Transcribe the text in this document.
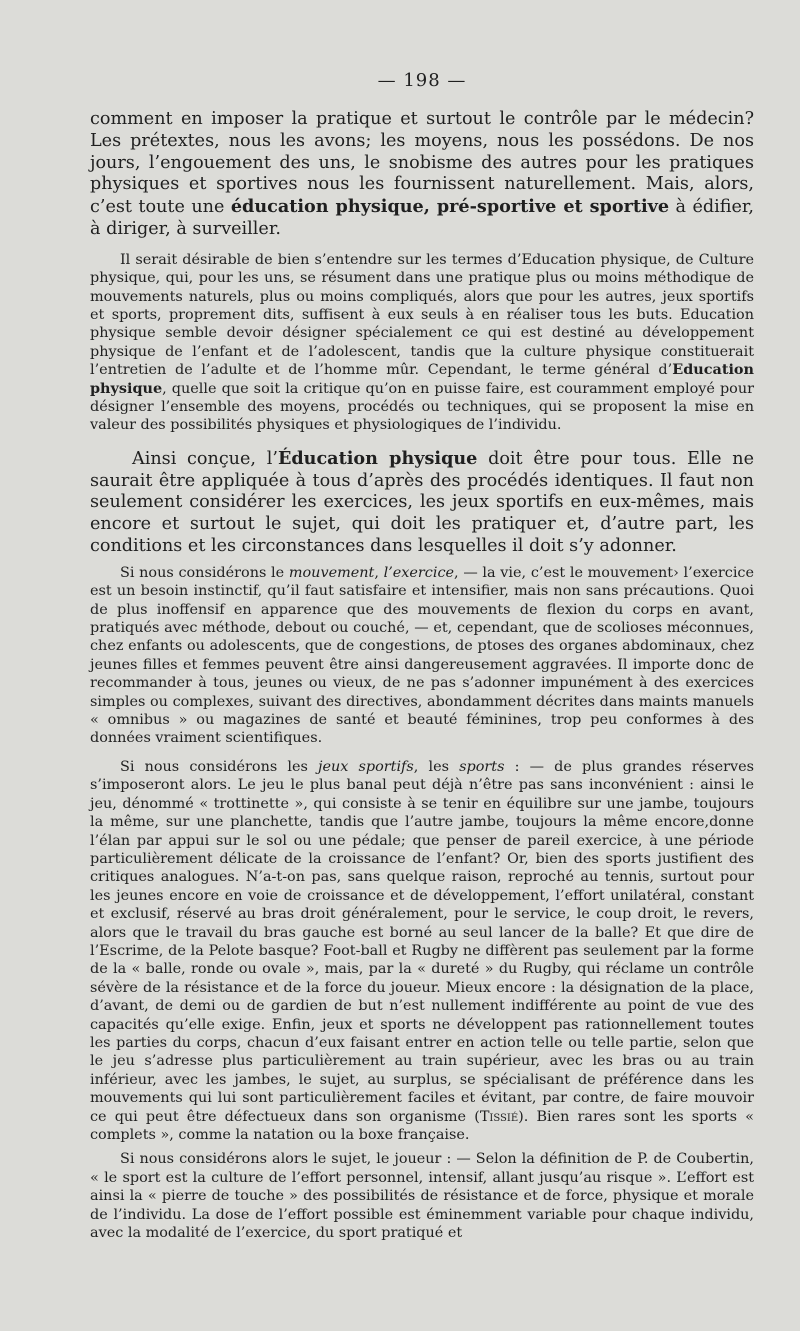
— 198 —

comment en imposer la pratique et surtout le contrôle par le médecin? Les prétextes, nous les avons; les moyens, nous les possédons. De nos jours, l’engouement des uns, le snobisme des autres pour les pratiques physiques et sportives nous les fournissent naturellement. Mais, alors, c’est toute une éducation physique, pré-sportive et sportive à édifier, à diriger, à surveiller.

Il serait désirable de bien s’entendre sur les termes d’Education physique, de Culture physique, qui, pour les uns, se résument dans une pratique plus ou moins méthodique de mouvements naturels, plus ou moins compliqués, alors que pour les autres, jeux sportifs et sports, proprement dits, suffisent à eux seuls à en réaliser tous les buts. Education physique semble devoir désigner spécialement ce qui est destiné au développement physique de l’enfant et de l’adolescent, tandis que la culture physique constituerait l’entretien de l’adulte et de l’homme mûr. Cependant, le terme général d’Education physique, quelle que soit la critique qu’on en puisse faire, est couramment employé pour désigner l’ensemble des moyens, procédés ou techniques, qui se proposent la mise en valeur des possibilités physiques et physiologiques de l’individu.

Ainsi conçue, l’Éducation physique doit être pour tous. Elle ne saurait être appliquée à tous d’après des procédés identiques. Il faut non seulement considérer les exercices, les jeux sportifs en eux-mêmes, mais encore et surtout le sujet, qui doit les pratiquer et, d’autre part, les conditions et les circonstances dans lesquelles il doit s’y adonner.

Si nous considérons le mouvement, l’exercice, — la vie, c’est le mouvement› l’exercice est un besoin instinctif, qu’il faut satisfaire et intensifier, mais non sans précautions. Quoi de plus inoffensif en apparence que des mouvements de flexion du corps en avant, pratiqués avec méthode, debout ou couché, — et, cependant, que de scolioses méconnues, chez enfants ou adolescents, que de congestions, de ptoses des organes abdominaux, chez jeunes filles et femmes peuvent être ainsi dangereusement aggravées. Il importe donc de recommander à tous, jeunes ou vieux, de ne pas s’adonner impunément à des exercices simples ou complexes, suivant des directives, abondamment décrites dans maints manuels « omnibus » ou magazines de santé et beauté féminines, trop peu conformes à des données vraiment scientifiques.

Si nous considérons les jeux sportifs, les sports : — de plus grandes réserves s’imposeront alors. Le jeu le plus banal peut déjà n’être pas sans inconvénient : ainsi le jeu, dénommé « trottinette », qui consiste à se tenir en équilibre sur une jambe, toujours la même, sur une planchette, tandis que l’autre jambe, toujours la même encore,donne l’élan par appui sur le sol ou une pédale; que penser de pareil exercice, à une période particulièrement délicate de la croissance de l’enfant? Or, bien des sports justifient des critiques analogues. N’a-t-on pas, sans quelque raison, reproché au tennis, surtout pour les jeunes encore en voie de croissance et de développement, l’effort unilatéral, constant et exclusif, réservé au bras droit généralement, pour le service, le coup droit, le revers, alors que le travail du bras gauche est borné au seul lancer de la balle? Et que dire de l’Escrime, de la Pelote basque? Foot-ball et Rugby ne diffèrent pas seulement par la forme de la « balle, ronde ou ovale », mais, par la « dureté » du Rugby, qui réclame un contrôle sévère de la résistance et de la force du joueur. Mieux encore : la désignation de la place, d’avant, de demi ou de gardien de but n’est nullement indifférente au point de vue des capacités qu’elle exige. Enfin, jeux et sports ne développent pas rationnellement toutes les parties du corps, chacun d’eux faisant entrer en action telle ou telle partie, selon que le jeu s’adresse plus particulièrement au train supérieur, avec les bras ou au train inférieur, avec les jambes, le sujet, au surplus, se spécialisant de préférence dans les mouvements qui lui sont particulièrement faciles et évitant, par contre, de faire mouvoir ce qui peut être défectueux dans son organisme (Tissié). Bien rares sont les sports « complets », comme la natation ou la boxe française.

Si nous considérons alors le sujet, le joueur : — Selon la définition de P. de Coubertin, « le sport est la culture de l’effort personnel, intensif, allant jusqu’au risque ». L’effort est ainsi la « pierre de touche » des possibilités de résistance et de force, physique et morale de l’individu. La dose de l’effort possible est éminemment variable pour chaque individu, avec la modalité de l’exercice, du sport pratiqué et
